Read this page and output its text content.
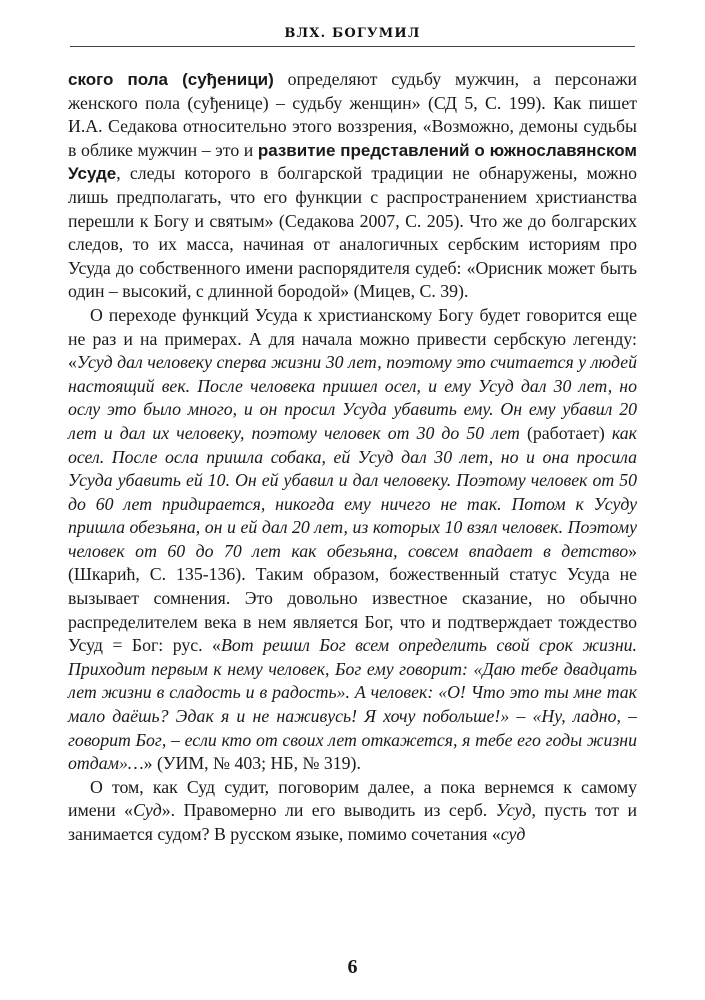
ВЛХ. БОГУМИЛ

ского пола (суђеници) определяют судьбу мужчин, а персонажи женского пола (суђенице) – судьбу женщин» (СД 5, С. 199). Как пишет И.А. Седакова относительно этого воззрения, «Возможно, демоны судьбы в облике мужчин – это и развитие представлений о южнославянском Усуде, следы которого в болгарской традиции не обнаружены, можно лишь предполагать, что его функции с распространением христианства перешли к Богу и святым» (Седакова 2007, С. 205). Что же до болгарских следов, то их масса, начиная от аналогичных сербским историям про Усуда до собственного имени распорядителя судеб: «Орисник может быть один – высокий, с длинной бородой» (Мицев, С. 39).

О переходе функций Усуда к христианскому Богу будет говорится еще не раз и на примерах. А для начала можно привести сербскую легенду: «Усуд дал человеку сперва жизни 30 лет, поэтому это считается у людей настоящий век. После человека пришел осел, и ему Усуд дал 30 лет, но ослу это было много, и он просил Усуда убавить ему. Он ему убавил 20 лет и дал их человеку, поэтому человек от 30 до 50 лет (работает) как осел. После осла пришла собака, ей Усуд дал 30 лет, но и она просила Усуда убавить ей 10. Он ей убавил и дал человеку. Поэтому человек от 50 до 60 лет придирается, никогда ему ничего не так. Потом к Усуду пришла обезьяна, он и ей дал 20 лет, из которых 10 взял человек. Поэтому человек от 60 до 70 лет как обезьяна, совсем впадает в детство» (Шкарић, С. 135-136). Таким образом, божественный статус Усуда не вызывает сомнения. Это довольно известное сказание, но обычно распределителем века в нем является Бог, что и подтверждает тождество Усуд = Бог: рус. «Вот решил Бог всем определить свой срок жизни. Приходит первым к нему человек, Бог ему говорит: «Даю тебе двадцать лет жизни в сладость и в радость». А человек: «О! Что это ты мне так мало даёшь? Эдак я и не наживусь! Я хочу побольше!» – «Ну, ладно, – говорит Бог, – если кто от своих лет откажется, я тебе его годы жизни отдам»…» (УИМ, № 403; НБ, № 319).

О том, как Суд судит, поговорим далее, а пока вернемся к самому имени «Суд». Правомерно ли его выводить из серб. Усуд, пусть тот и занимается судом? В русском языке, помимо сочетания «суд

6
